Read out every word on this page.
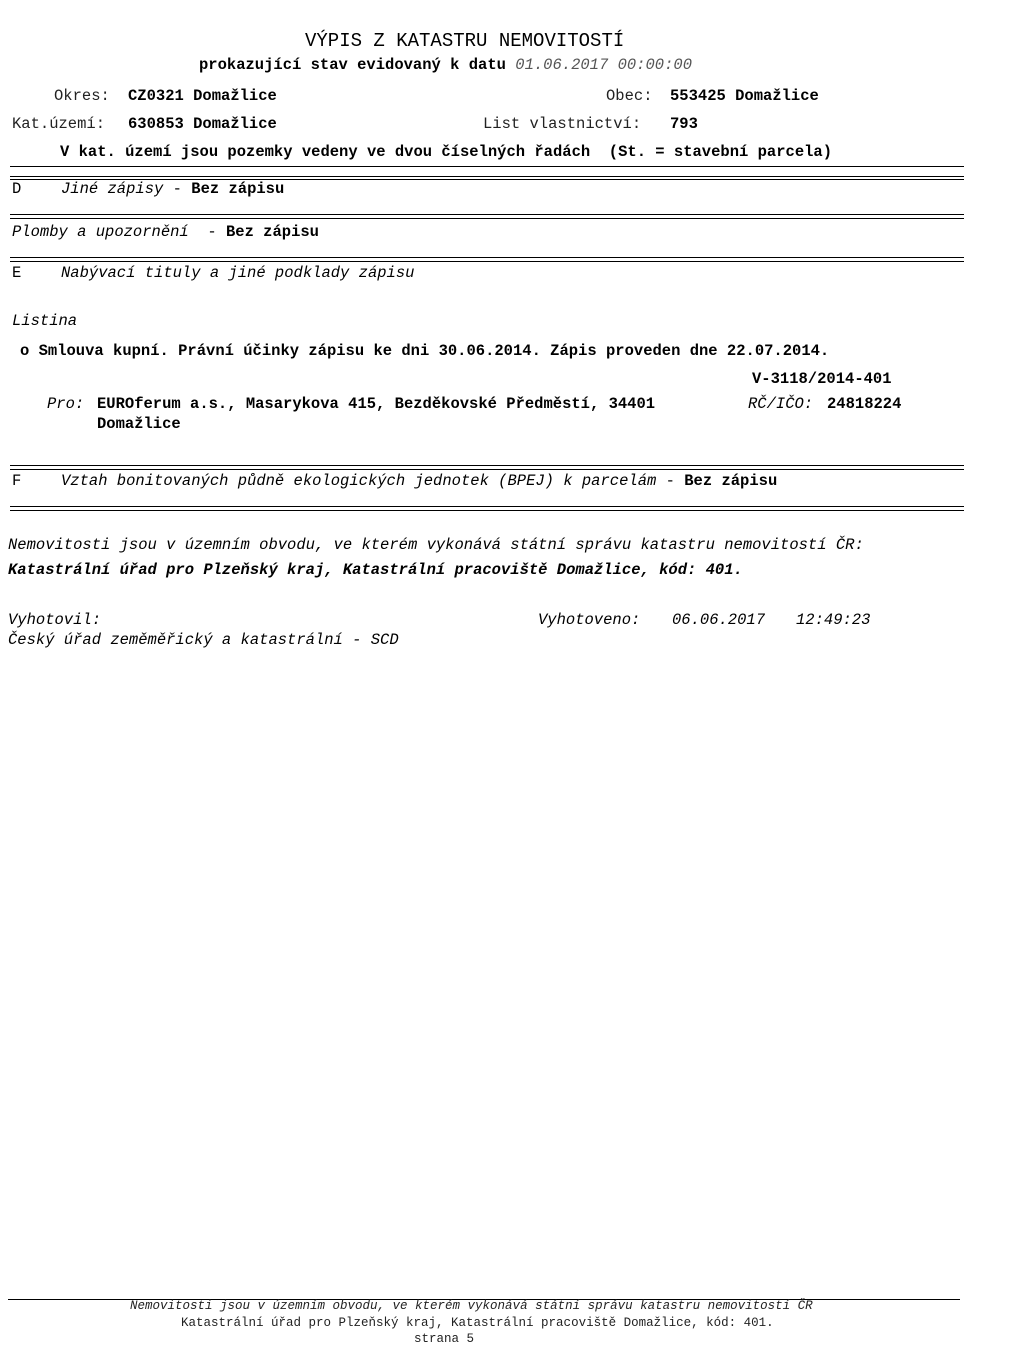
VÝPIS Z KATASTRU NEMOVITOSTÍ
prokazující stav evidovaný k datu 01.06.2017 00:00:00
Okres: CZ0321 Domažlice	Obec: 553425 Domažlice
Kat.území: 630853 Domažlice	List vlastnictví: 793
V kat. území jsou pozemky vedeny ve dvou číselných řadách  (St. = stavební parcela)
D	Jiné zápisy - Bez zápisu
Plomby a upozornění - Bez zápisu
E	Nabývací tituly a jiné podklady zápisu
Listina
o Smlouva kupní. Právní účinky zápisu ke dni 30.06.2014. Zápis proveden dne 22.07.2014.
V-3118/2014-401
Pro: EUROferum a.s., Masarykova 415, Bezděkovské Předměstí, 34401
Domažlice
RČ/IČO: 24818224
F	Vztah bonitovaných půdně ekologických jednotek (BPEJ) k parcelám - Bez zápisu
Nemovitosti jsou v územním obvodu, ve kterém vykonává státní správu katastru nemovitostí ČR:
Katastrální úřad pro Plzeňský kraj, Katastrální pracoviště Domažlice, kód: 401.
Vyhotovil:
Český úřad zeměměřický a katastrální - SCD
Vyhotoveno: 06.06.2017 12:49:23
Nemovitosti jsou v územním obvodu, ve kterém vykonává státní správu katastru nemovitostí ČR
Katastrální úřad pro Plzeňský kraj, Katastrální pracoviště Domažlice, kód: 401.
strana 5
